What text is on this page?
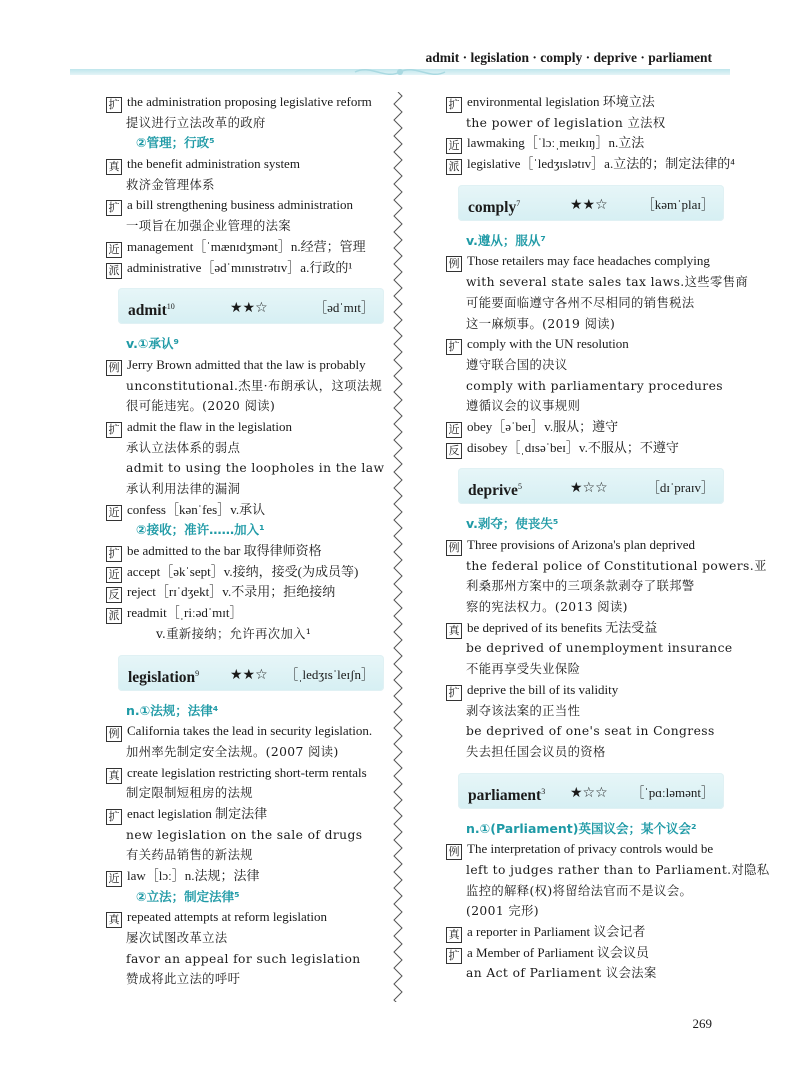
admit · legislation · comply · deprive · parliament
扩 the administration proposing legislative reform
提议进行立法改革的政府
②管理；行政⁵
真 the benefit administration system
救济金管理体系
扩 a bill strengthening business administration
一项旨在加强企业管理的法案
近 management［ˈmænɪdʒmənt］n.经营；管理
派 administrative［ədˈmɪnɪstrətɪv］a.行政的¹
admit$^{10}$	★★☆	［ədˈmɪt］
v.①承认⁹
例 Jerry Brown admitted that the law is probably
unconstitutional.杰里·布朗承认，这项法规
很可能违宪。(2020 阅读)
扩 admit the flaw in the legislation
承认立法体系的弱点
admit to using the loopholes in the law
承认利用法律的漏洞
近 confess［kənˈfes］v.承认
②接收；准许……加入¹
扩 be admitted to the bar 取得律师资格
近 accept［əkˈsept］v.接纳，接受(为成员等)
反 reject［rɪˈdʒekt］v.不录用；拒绝接纳
派 readmit［ˌriːədˈmɪt］
v.重新接纳；允许再次加入¹
legislation$^9$ ★★☆ ［ˌledʒɪsˈleɪʃn］
n.①法规；法律⁴
例 California takes the lead in security legislation.
加州率先制定安全法规。(2007 阅读)
真 create legislation restricting short-term rentals
制定限制短租房的法规
扩 enact legislation 制定法律
new legislation on the sale of drugs
有关药品销售的新法规
近 law［lɔː］n.法规；法律
②立法；制定法律⁵
真 repeated attempts at reform legislation
屡次试图改革立法
favor an appeal for such legislation
赞成将此立法的呼吁
扩 environmental legislation 环境立法
the power of legislation 立法权
近 lawmaking［ˈlɔːˌmeɪkɪŋ］n.立法
派 legislative［ˈledʒɪslətɪv］a.立法的；制定法律的⁴
comply$^7$	★★☆	［kəmˈplaɪ］
v.遵从；服从⁷
例 Those retailers may face headaches complying
with several state sales tax laws.这些零售商
可能要面临遵守各州不尽相同的销售税法
这一麻烦事。(2019 阅读)
扩 comply with the UN resolution
遵守联合国的决议
comply with parliamentary procedures
遵循议会的议事规则
近 obey［əˈbeɪ］v.服从；遵守
反 disobey［ˌdɪsəˈbeɪ］v.不服从；不遵守
deprive$^5$	★☆☆	［dɪˈpraɪv］
v.剥夺；使丧失⁵
例 Three provisions of Arizona's plan deprived
the federal police of Constitutional powers.亚
利桑那州方案中的三项条款剥夺了联邦警
察的宪法权力。(2013 阅读)
真 be deprived of its benefits 无法受益
be deprived of unemployment insurance
不能再享受失业保险
扩 deprive the bill of its validity
剥夺该法案的正当性
be deprived of one's seat in Congress
失去担任国会议员的资格
parliament$^3$ ★☆☆ ［ˈpɑːləmənt］
n.①(Parliament)英国议会；某个议会²
例 The interpretation of privacy controls would be
left to judges rather than to Parliament.对隐私
监控的解释(权)将留给法官而不是议会。
(2001 完形)
真 a reporter in Parliament 议会记者
扩 a Member of Parliament 议会议员
an Act of Parliament 议会法案
269
